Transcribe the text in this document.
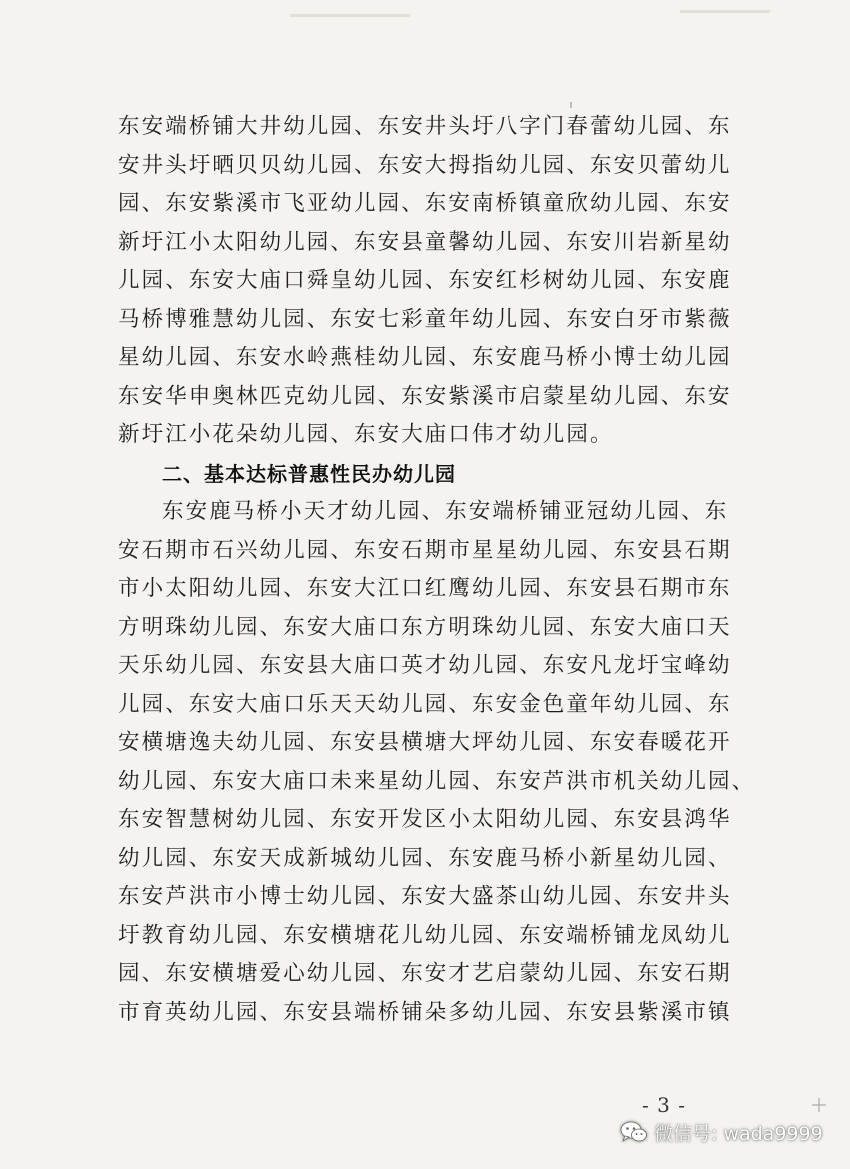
东安端桥铺大井幼儿园、东安井头圩八字门春蕾幼儿园、东
安井头圩晒贝贝幼儿园、东安大拇指幼儿园、东安贝蕾幼儿
园、东安紫溪市飞亚幼儿园、东安南桥镇童欣幼儿园、东安
新圩江小太阳幼儿园、东安县童馨幼儿园、东安川岩新星幼
儿园、东安大庙口舜皇幼儿园、东安红杉树幼儿园、东安鹿
马桥博雅慧幼儿园、东安七彩童年幼儿园、东安白牙市紫薇
星幼儿园、东安水岭燕桂幼儿园、东安鹿马桥小博士幼儿园
东安华申奥林匹克幼儿园、东安紫溪市启蒙星幼儿园、东安
新圩江小花朵幼儿园、东安大庙口伟才幼儿园。
二、基本达标普惠性民办幼儿园
东安鹿马桥小天才幼儿园、东安端桥铺亚冠幼儿园、东
安石期市石兴幼儿园、东安石期市星星幼儿园、东安县石期
市小太阳幼儿园、东安大江口红鹰幼儿园、东安县石期市东
方明珠幼儿园、东安大庙口东方明珠幼儿园、东安大庙口天
天乐幼儿园、东安县大庙口英才幼儿园、东安凡龙圩宝峰幼
儿园、东安大庙口乐天天幼儿园、东安金色童年幼儿园、东
安横塘逸夫幼儿园、东安县横塘大坪幼儿园、东安春暖花开
幼儿园、东安大庙口未来星幼儿园、东安芦洪市机关幼儿园、
东安智慧树幼儿园、东安开发区小太阳幼儿园、东安县鸿华
幼儿园、东安天成新城幼儿园、东安鹿马桥小新星幼儿园、
东安芦洪市小博士幼儿园、东安大盛茶山幼儿园、东安井头
圩教育幼儿园、东安横塘花儿幼儿园、东安端桥铺龙凤幼儿
园、东安横塘爱心幼儿园、东安才艺启蒙幼儿园、东安石期
市育英幼儿园、东安县端桥铺朵多幼儿园、东安县紫溪市镇
- 3 -
微信号: wada9999
